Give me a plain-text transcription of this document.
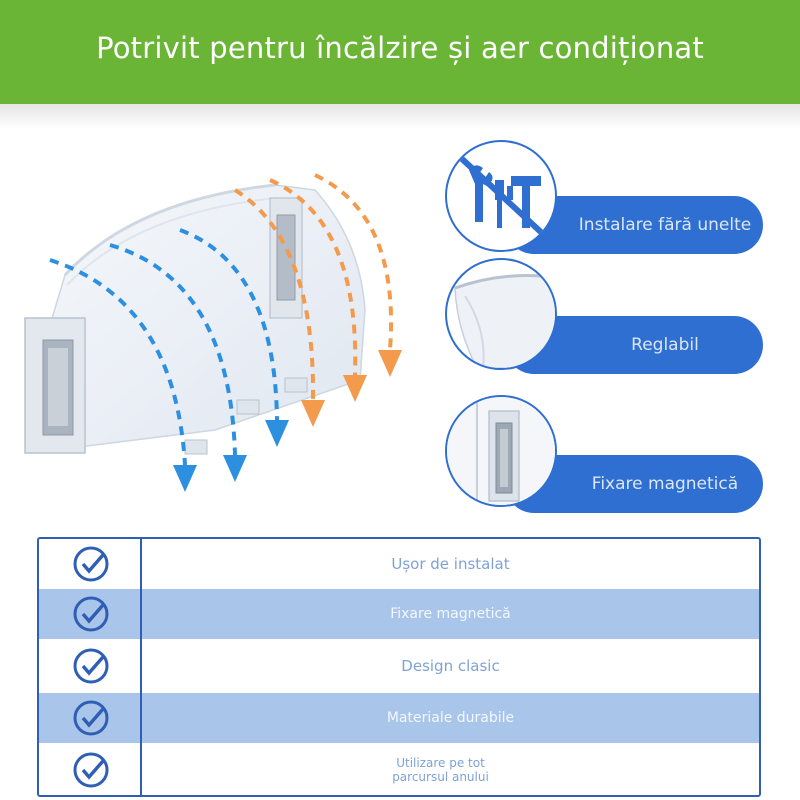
Potrivit pentru încălzire și aer condiționat
Instalare fără unelte
Reglabil
Fixare magnetică
Ușor de instalat
Fixare magnetică
Design clasic
Materiale durabile
Utilizare pe tot parcursul anului
